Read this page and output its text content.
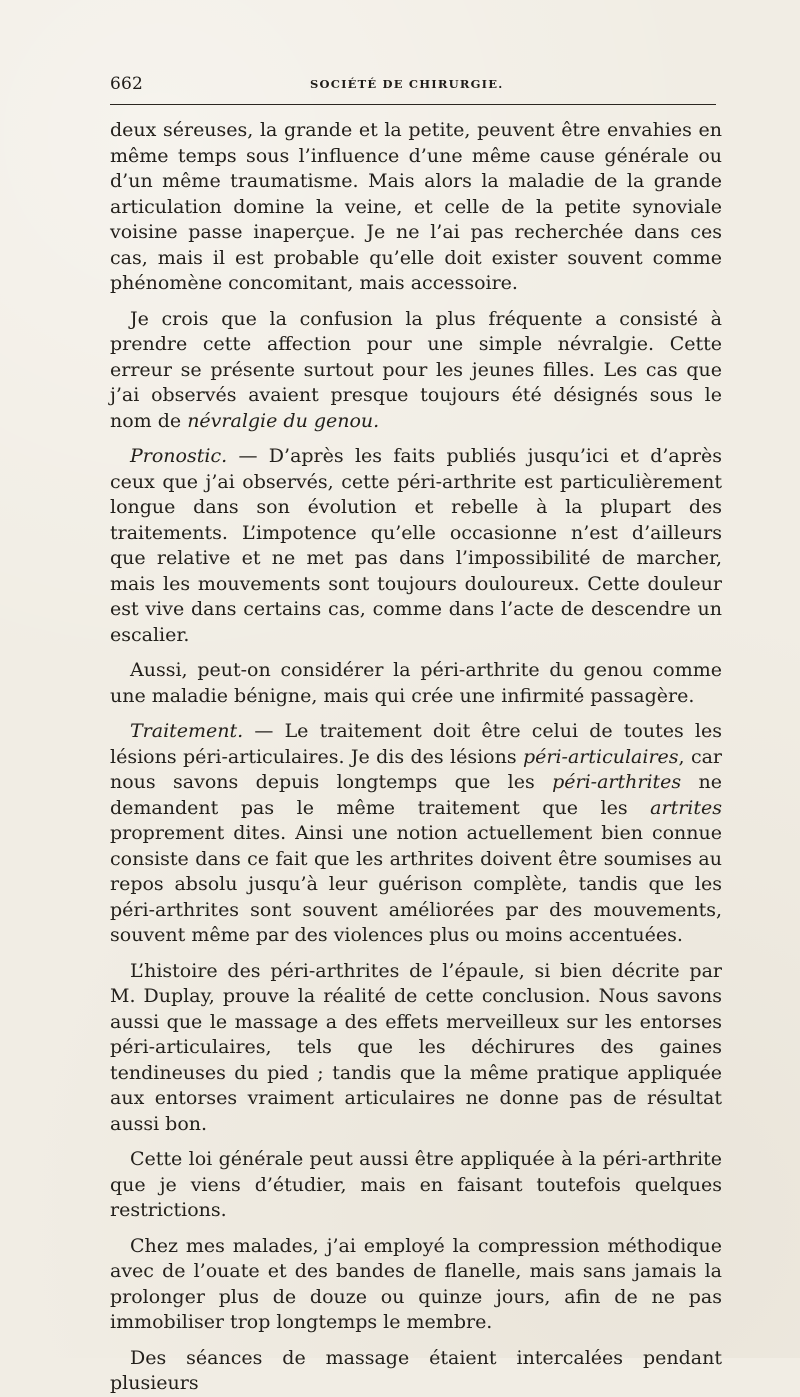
662	SOCIÉTÉ DE CHIRURGIE.

deux séreuses, la grande et la petite, peuvent être envahies en même temps sous l’influence d’une même cause générale ou d’un même traumatisme. Mais alors la maladie de la grande articulation domine la veine, et celle de la petite synoviale voisine passe inaperçue. Je ne l’ai pas recherchée dans ces cas, mais il est probable qu’elle doit exister souvent comme phénomène concomitant, mais accessoire.

Je crois que la confusion la plus fréquente a consisté à prendre cette affection pour une simple névralgie. Cette erreur se présente surtout pour les jeunes filles. Les cas que j’ai observés avaient presque toujours été désignés sous le nom de névralgie du genou.

Pronostic. — D’après les faits publiés jusqu’ici et d’après ceux que j’ai observés, cette péri-arthrite est particulièrement longue dans son évolution et rebelle à la plupart des traitements. L’impotence qu’elle occasionne n’est d’ailleurs que relative et ne met pas dans l’impossibilité de marcher, mais les mouvements sont toujours douloureux. Cette douleur est vive dans certains cas, comme dans l’acte de descendre un escalier.

Aussi, peut-on considérer la péri-arthrite du genou comme une maladie bénigne, mais qui crée une infirmité passagère.

Traitement. — Le traitement doit être celui de toutes les lésions péri-articulaires. Je dis des lésions péri-articulaires, car nous savons depuis longtemps que les péri-arthrites ne demandent pas le même traitement que les artrites proprement dites. Ainsi une notion actuellement bien connue consiste dans ce fait que les arthrites doivent être soumises au repos absolu jusqu’à leur guérison complète, tandis que les péri-arthrites sont souvent améliorées par des mouvements, souvent même par des violences plus ou moins accentuées.

L’histoire des péri-arthrites de l’épaule, si bien décrite par M. Duplay, prouve la réalité de cette conclusion. Nous savons aussi que le massage a des effets merveilleux sur les entorses péri-articulaires, tels que les déchirures des gaines tendineuses du pied ; tandis que la même pratique appliquée aux entorses vraiment articulaires ne donne pas de résultat aussi bon.

Cette loi générale peut aussi être appliquée à la péri-arthrite que je viens d’étudier, mais en faisant toutefois quelques restrictions.

Chez mes malades, j’ai employé la compression méthodique avec de l’ouate et des bandes de flanelle, mais sans jamais la prolonger plus de douze ou quinze jours, afin de ne pas immobiliser trop longtemps le membre.

Des séances de massage étaient intercalées pendant plusieurs
